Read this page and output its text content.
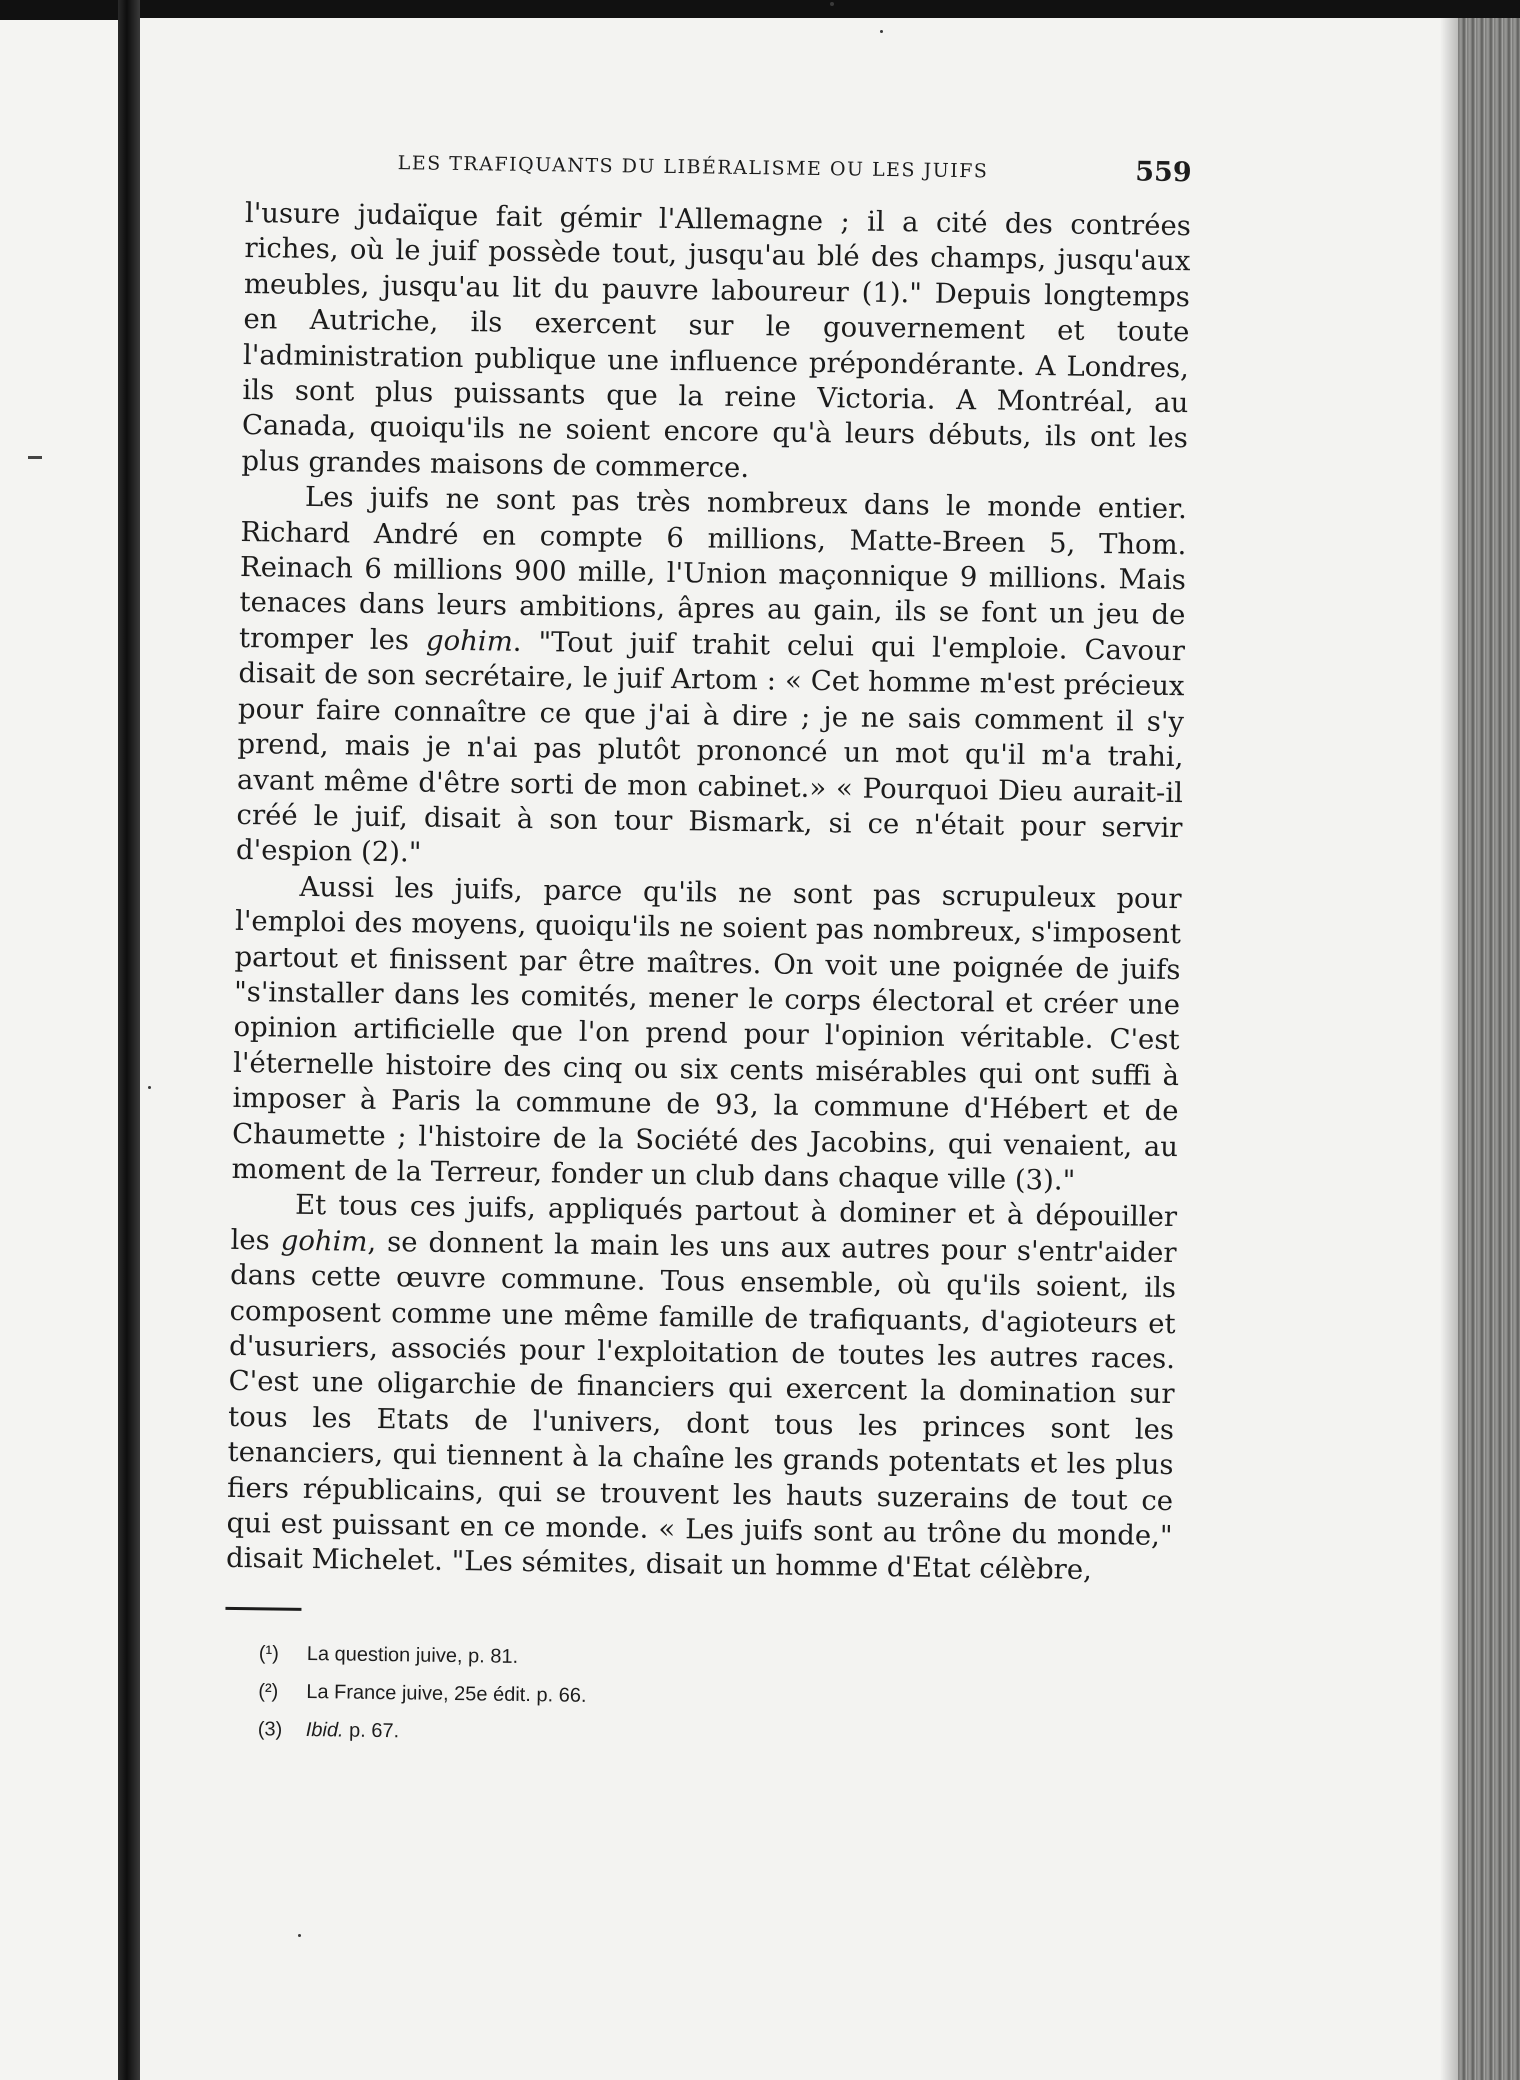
LES TRAFIQUANTS DU LIBÉRALISME OU LES JUIFS	559

l'usure judaïque fait gémir l'Allemagne ; il a cité des contrées riches, où le juif possède tout, jusqu'au blé des champs, jusqu'aux meubles, jusqu'au lit du pauvre laboureur (1)." Depuis longtemps en Autriche, ils exercent sur le gouvernement et toute l'administration publique une influence prépondérante. A Londres, ils sont plus puissants que la reine Victoria. A Montréal, au Canada, quoiqu'ils ne soient encore qu'à leurs débuts, ils ont les plus grandes maisons de commerce.

Les juifs ne sont pas très nombreux dans le monde entier. Richard André en compte 6 millions, Matte-Breen 5, Thom. Reinach 6 millions 900 mille, l'Union maçonnique 9 millions. Mais tenaces dans leurs ambitions, âpres au gain, ils se font un jeu de tromper les gohim. "Tout juif trahit celui qui l'emploie. Cavour disait de son secrétaire, le juif Artom : « Cet homme m'est précieux pour faire connaître ce que j'ai à dire ; je ne sais comment il s'y prend, mais je n'ai pas plutôt prononcé un mot qu'il m'a trahi, avant même d'être sorti de mon cabinet.» « Pourquoi Dieu aurait-il créé le juif, disait à son tour Bismark, si ce n'était pour servir d'espion (2)."

Aussi les juifs, parce qu'ils ne sont pas scrupuleux pour l'emploi des moyens, quoiqu'ils ne soient pas nombreux, s'imposent partout et finissent par être maîtres. On voit une poignée de juifs "s'installer dans les comités, mener le corps électoral et créer une opinion artificielle que l'on prend pour l'opinion véritable. C'est l'éternelle histoire des cinq ou six cents misérables qui ont suffi à imposer à Paris la commune de 93, la commune d'Hébert et de Chaumette ; l'histoire de la Société des Jacobins, qui venaient, au moment de la Terreur, fonder un club dans chaque ville (3)."

Et tous ces juifs, appliqués partout à dominer et à dépouiller les gohim, se donnent la main les uns aux autres pour s'entr'aider dans cette œuvre commune. Tous ensemble, où qu'ils soient, ils composent comme une même famille de trafiquants, d'agioteurs et d'usuriers, associés pour l'exploitation de toutes les autres races. C'est une oligarchie de financiers qui exercent la domination sur tous les Etats de l'univers, dont tous les princes sont les tenanciers, qui tiennent à la chaîne les grands potentats et les plus fiers républicains, qui se trouvent les hauts suzerains de tout ce qui est puissant en ce monde. « Les juifs sont au trône du monde," disait Michelet. "Les sémites, disait un homme d'Etat célèbre,

(¹) La question juive, p. 81.
(²) La France juive, 25e édit. p. 66.
(3) Ibid. p. 67.
